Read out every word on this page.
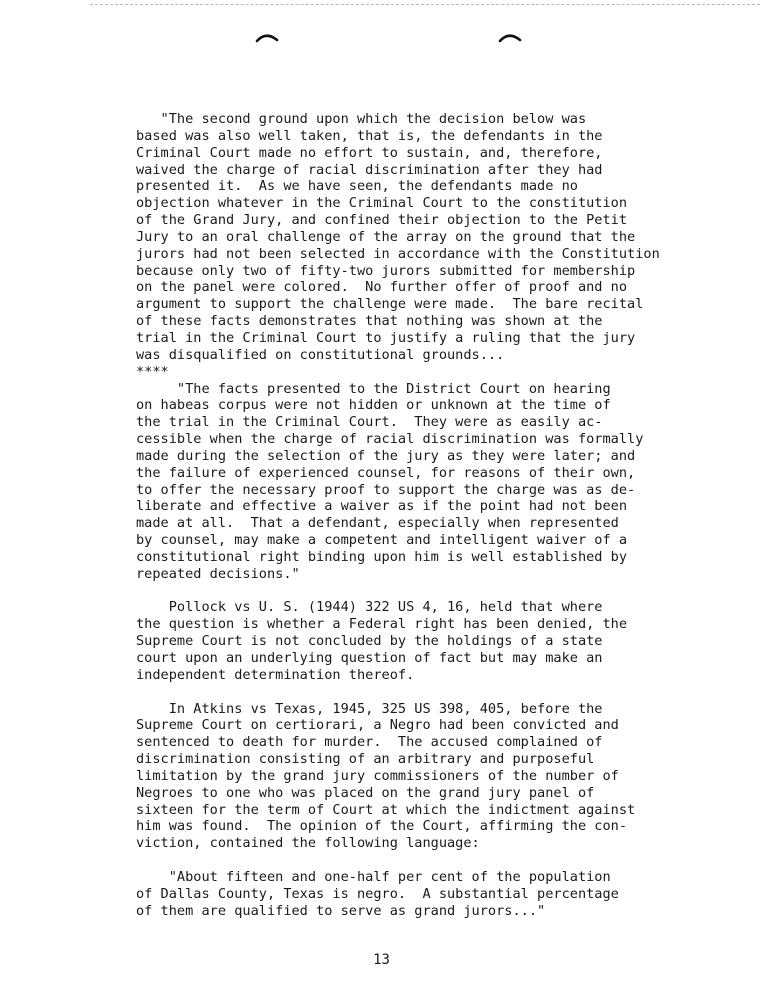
"The second ground upon which the decision below was
based was also well taken, that is, the defendants in the
Criminal Court made no effort to sustain, and, therefore,
waived the charge of racial discrimination after they had
presented it.  As we have seen, the defendants made no
objection whatever in the Criminal Court to the constitution
of the Grand Jury, and confined their objection to the Petit
Jury to an oral challenge of the array on the ground that the
jurors had not been selected in accordance with the Constitution
because only two of fifty-two jurors submitted for membership
on the panel were colored.  No further offer of proof and no
argument to support the challenge were made.  The bare recital
of these facts demonstrates that nothing was shown at the
trial in the Criminal Court to justify a ruling that the jury
was disqualified on constitutional grounds...
****
"The facts presented to the District Court on hearing
on habeas corpus were not hidden or unknown at the time of
the trial in the Criminal Court.  They were as easily ac-
cessible when the charge of racial discrimination was formally
made during the selection of the jury as they were later; and
the failure of experienced counsel, for reasons of their own,
to offer the necessary proof to support the charge was as de-
liberate and effective a waiver as if the point had not been
made at all.  That a defendant, especially when represented
by counsel, may make a competent and intelligent waiver of a
constitutional right binding upon him is well established by
repeated decisions."
Pollock vs U. S. (1944) 322 US 4, 16, held that where
the question is whether a Federal right has been denied, the
Supreme Court is not concluded by the holdings of a state
court upon an underlying question of fact but may make an
independent determination thereof.
In Atkins vs Texas, 1945, 325 US 398, 405, before the
Supreme Court on certiorari, a Negro had been convicted and
sentenced to death for murder.  The accused complained of
discrimination consisting of an arbitrary and purposeful
limitation by the grand jury commissioners of the number of
Negroes to one who was placed on the grand jury panel of
sixteen for the term of Court at which the indictment against
him was found.  The opinion of the Court, affirming the con-
viction, contained the following language:
"About fifteen and one-half per cent of the population
of Dallas County, Texas is negro.  A substantial percentage
of them are qualified to serve as grand jurors..."
13
